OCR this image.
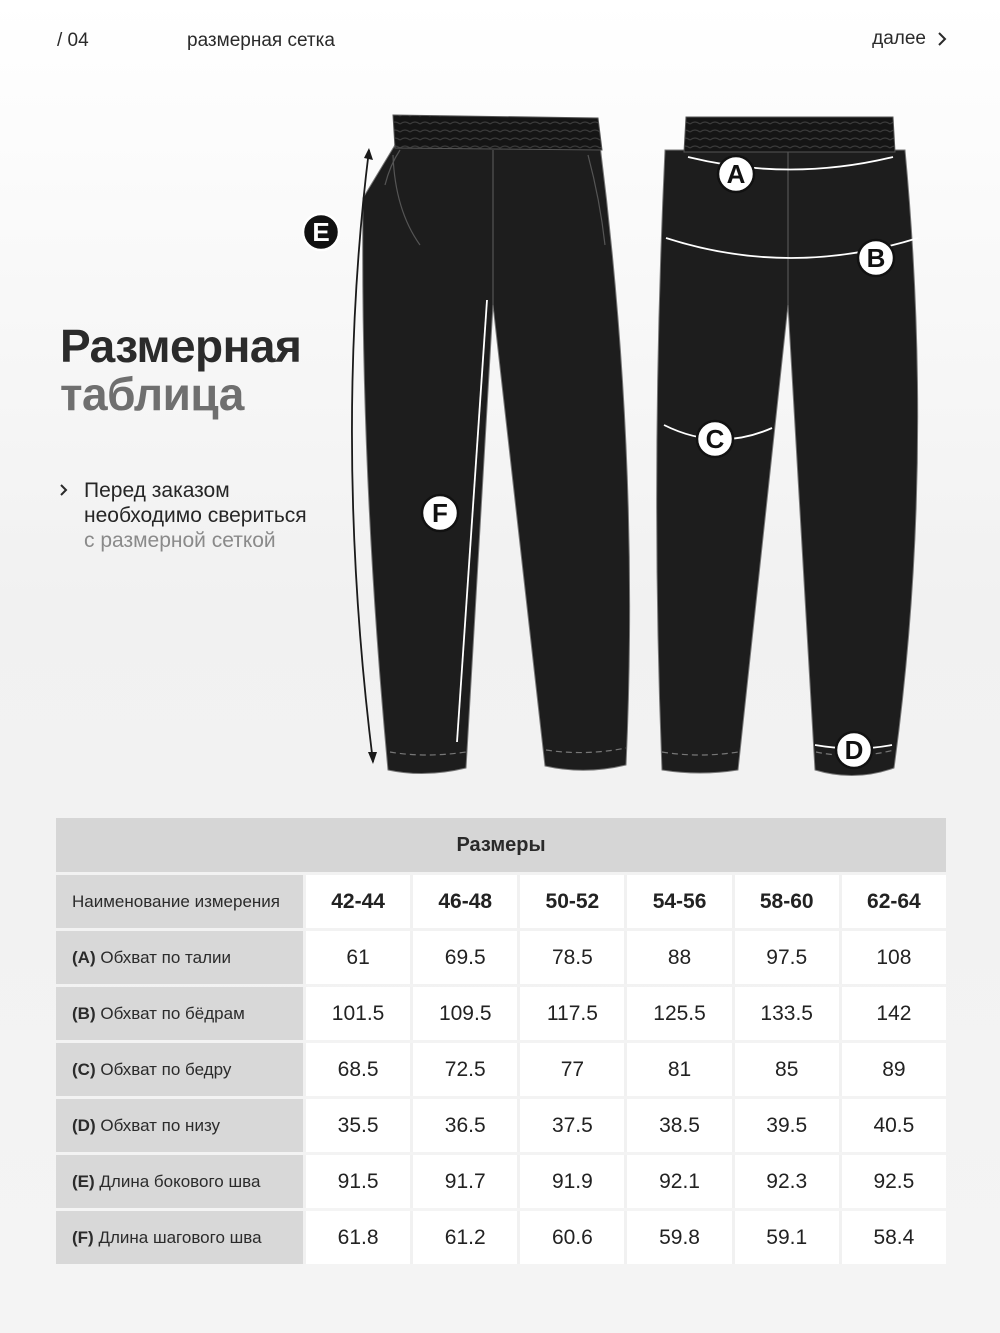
/ 04	размерная сетка	далее
Размерная
таблица
Перед заказом
необходимо свериться
с размерной сеткой
A
B
C
D
E
F
Размеры						
Наименование измерения	42-44	46-48	50-52	54-56	58-60	62-64
(A) Обхват по талии	61	69.5	78.5	88	97.5	108
(B) Обхват по бёдрам	101.5	109.5	117.5	125.5	133.5	142
(C) Обхват по бедру	68.5	72.5	77	81	85	89
(D) Обхват по низу	35.5	36.5	37.5	38.5	39.5	40.5
(E) Длина бокового шва	91.5	91.7	91.9	92.1	92.3	92.5
(F) Длина шагового шва	61.8	61.2	60.6	59.8	59.1	58.4
